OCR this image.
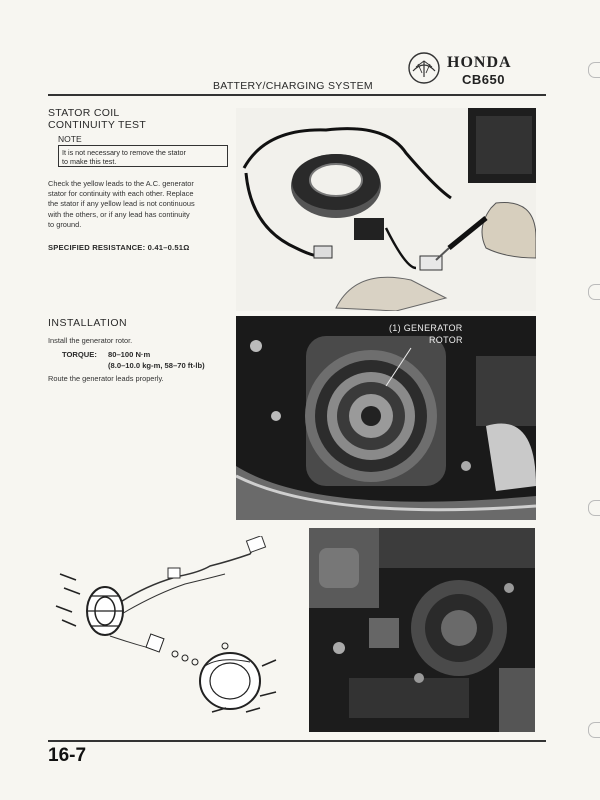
BATTERY/CHARGING SYSTEM
HONDA
CB650
STATOR COIL
CONTINUITY TEST
NOTE
It is not necessary to remove the stator
to make this test.
Check the yellow leads to the A.C. generator
stator for continuity with each other. Replace
the stator if any yellow lead is not continuous
with the others, or if any lead has continuity
to ground.
SPECIFIED RESISTANCE: 0.41–0.51Ω
INSTALLATION
Install the generator rotor.
TORQUE: 80–100 N·m
(8.0–10.0 kg-m, 58–70 ft-lb)
Route the generator leads properly.
(1) GENERATOR
ROTOR
16-7
